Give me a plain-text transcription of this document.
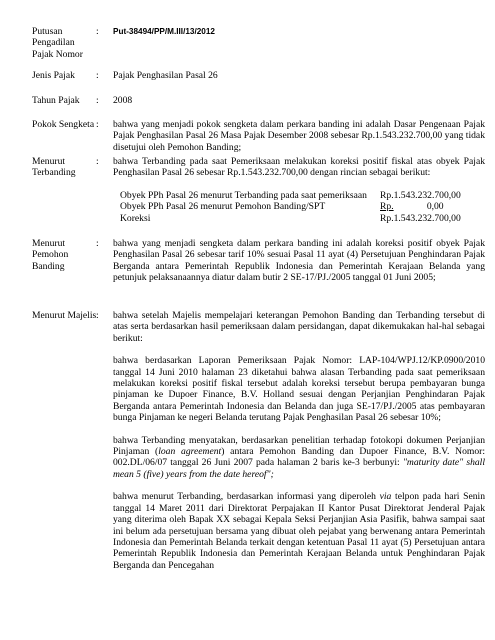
Putusan Pengadilan Pajak Nomor
: Put-38494/PP/M.III/13/2012
Jenis Pajak	: Pajak Penghasilan Pasal 26
Tahun Pajak	: 2008
Pokok Sengketa : bahwa yang menjadi pokok sengketa dalam perkara banding ini adalah Dasar Pengenaan Pajak Pajak Penghasilan Pasal 26 Masa Pajak Desember 2008 sebesar Rp.1.543.232.700,00 yang tidak disetujui oleh Pemohon Banding;
Menurut Terbanding
: bahwa Terbanding pada saat Pemeriksaan melakukan koreksi positif fiskal atas obyek Pajak Penghasilan Pasal 26 sebesar Rp.1.543.232.700,00 dengan rincian sebagai berikut:

Obyek PPh Pasal 26 menurut Terbanding pada saat pemeriksaan	Rp.1.543.232.700,00
Obyek PPh Pasal 26 menurut Pemohon Banding/SPT	Rp. 0,00
Koreksi	Rp.1.543.232.700,00
Menurut Pemohon Banding
: bahwa yang menjadi sengketa dalam perkara banding ini adalah koreksi positif obyek Pajak Penghasilan Pasal 26 sebesar tarif 10% sesuai Pasal 11 ayat (4) Persetujuan Penghindaran Pajak Berganda antara Pemerintah Republik Indonesia dan Pemerintah Kerajaan Belanda yang petunjuk pelaksanaannya diatur dalam butir 2 SE-17/PJ./2005 tanggal 01 Juni 2005;
Menurut Majelis : bahwa setelah Majelis mempelajari keterangan Pemohon Banding dan Terbanding tersebut di atas serta berdasarkan hasil pemeriksaan dalam persidangan, dapat dikemukakan hal-hal sebagai berikut:

bahwa berdasarkan Laporan Pemeriksaan Pajak Nomor: LAP-104/WPJ.12/KP.0900/2010 tanggal 14 Juni 2010 halaman 23 diketahui bahwa alasan Terbanding pada saat pemeriksaan melakukan koreksi positif fiskal tersebut adalah koreksi tersebut berupa pembayaran bunga pinjaman ke Dupoer Finance, B.V. Holland sesuai dengan Perjanjian Penghindaran Pajak Berganda antara Pemerintah Indonesia dan Belanda dan juga SE-17/PJ./2005 atas pembayaran bunga Pinjaman ke negeri Belanda terutang Pajak Penghasilan Pasal 26 sebesar 10%;

bahwa Terbanding menyatakan, berdasarkan penelitian terhadap fotokopi dokumen Perjanjian Pinjaman (loan agreement) antara Pemohon Banding dan Dupoer Finance, B.V. Nomor: 002.DL/06/07 tanggal 26 Juni 2007 pada halaman 2 baris ke-3 berbunyi: "maturity date" shall mean 5 (five) years from the date hereof";

bahwa menurut Terbanding, berdasarkan informasi yang diperoleh via telpon pada hari Senin tanggal 14 Maret 2011 dari Direktorat Perpajakan II Kantor Pusat Direktorat Jenderal Pajak yang diterima oleh Bapak XX sebagai Kepala Seksi Perjanjian Asia Pasifik, bahwa sampai saat ini belum ada persetujuan bersama yang dibuat oleh pejabat yang berwenang antara Pemerintah Indonesia dan Pemerintah Belanda terkait dengan ketentuan Pasal 11 ayat (5) Persetujuan antara Pemerintah Republik Indonesia dan Pemerintah Kerajaan Belanda untuk Penghindaran Pajak Berganda dan Pencegahan
